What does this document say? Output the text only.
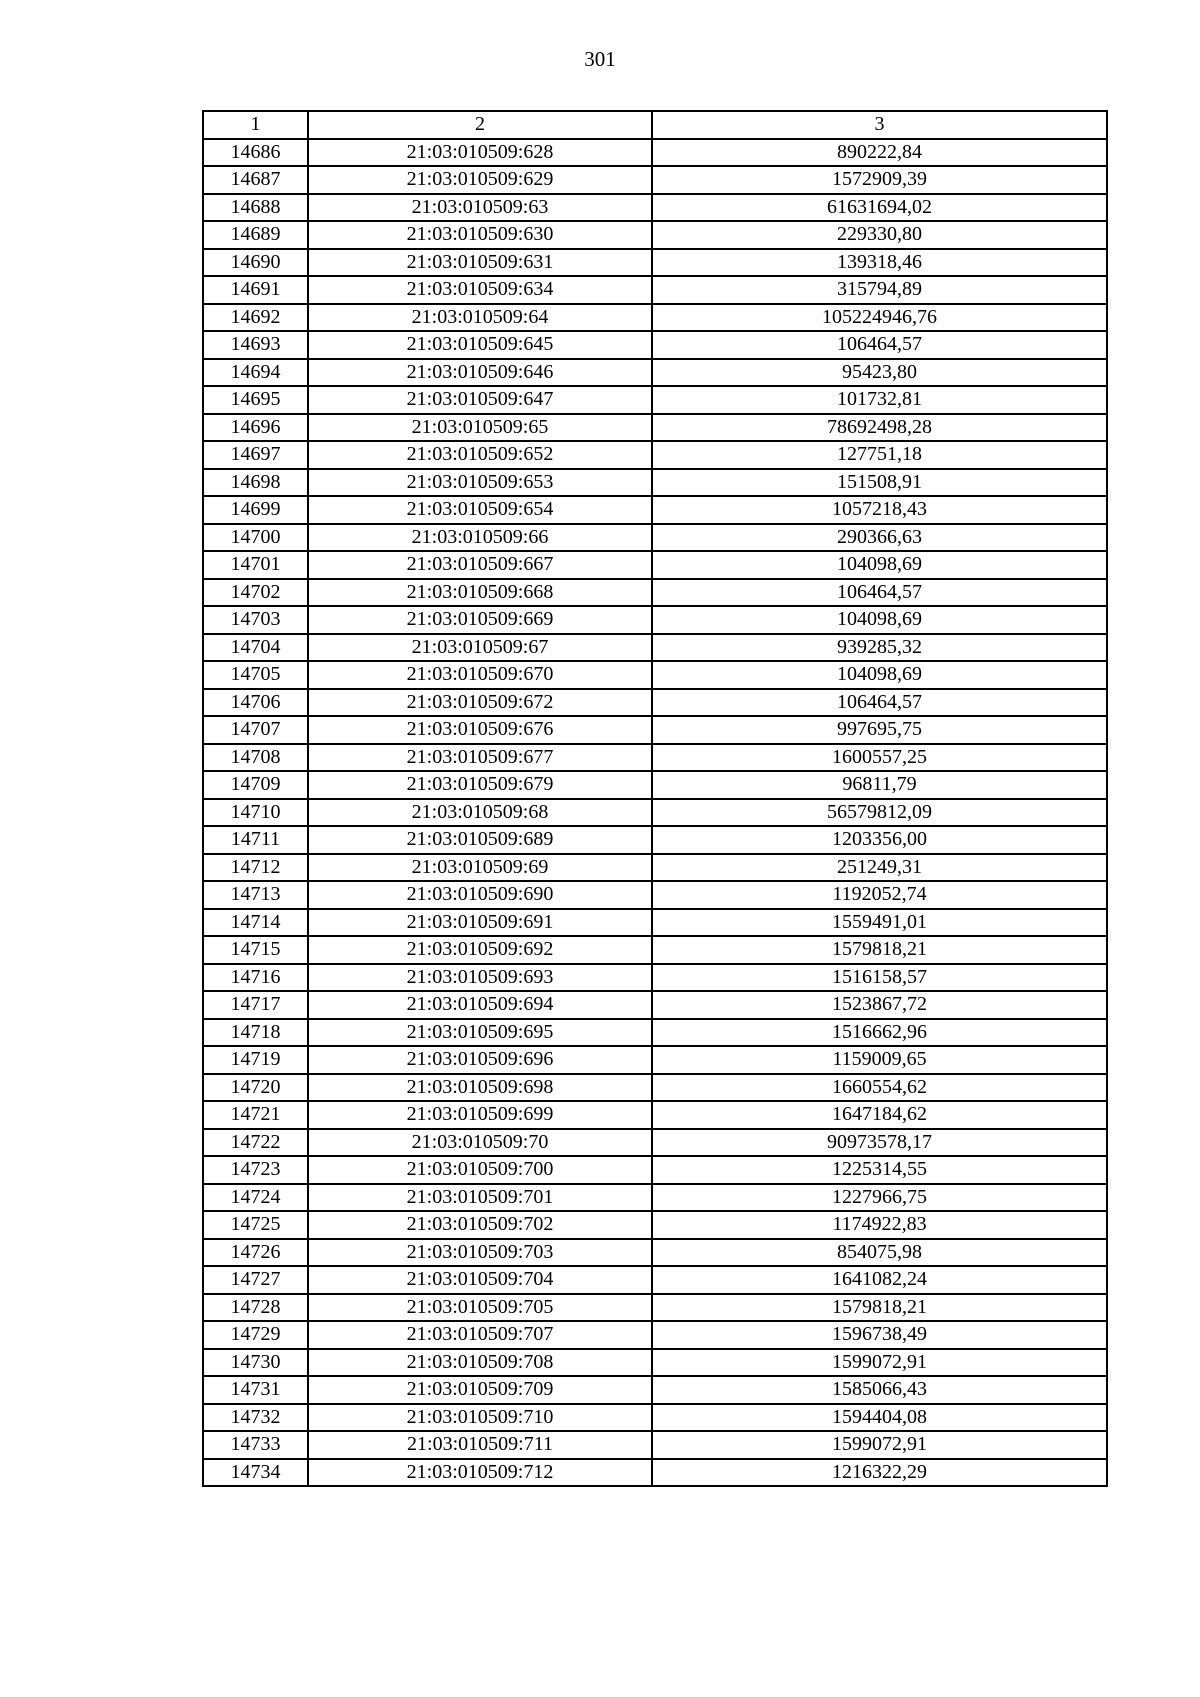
301
1	2	3
14686	21:03:010509:628	890222,84
14687	21:03:010509:629	1572909,39
14688	21:03:010509:63	61631694,02
14689	21:03:010509:630	229330,80
14690	21:03:010509:631	139318,46
14691	21:03:010509:634	315794,89
14692	21:03:010509:64	105224946,76
14693	21:03:010509:645	106464,57
14694	21:03:010509:646	95423,80
14695	21:03:010509:647	101732,81
14696	21:03:010509:65	78692498,28
14697	21:03:010509:652	127751,18
14698	21:03:010509:653	151508,91
14699	21:03:010509:654	1057218,43
14700	21:03:010509:66	290366,63
14701	21:03:010509:667	104098,69
14702	21:03:010509:668	106464,57
14703	21:03:010509:669	104098,69
14704	21:03:010509:67	939285,32
14705	21:03:010509:670	104098,69
14706	21:03:010509:672	106464,57
14707	21:03:010509:676	997695,75
14708	21:03:010509:677	1600557,25
14709	21:03:010509:679	96811,79
14710	21:03:010509:68	56579812,09
14711	21:03:010509:689	1203356,00
14712	21:03:010509:69	251249,31
14713	21:03:010509:690	1192052,74
14714	21:03:010509:691	1559491,01
14715	21:03:010509:692	1579818,21
14716	21:03:010509:693	1516158,57
14717	21:03:010509:694	1523867,72
14718	21:03:010509:695	1516662,96
14719	21:03:010509:696	1159009,65
14720	21:03:010509:698	1660554,62
14721	21:03:010509:699	1647184,62
14722	21:03:010509:70	90973578,17
14723	21:03:010509:700	1225314,55
14724	21:03:010509:701	1227966,75
14725	21:03:010509:702	1174922,83
14726	21:03:010509:703	854075,98
14727	21:03:010509:704	1641082,24
14728	21:03:010509:705	1579818,21
14729	21:03:010509:707	1596738,49
14730	21:03:010509:708	1599072,91
14731	21:03:010509:709	1585066,43
14732	21:03:010509:710	1594404,08
14733	21:03:010509:711	1599072,91
14734	21:03:010509:712	1216322,29
